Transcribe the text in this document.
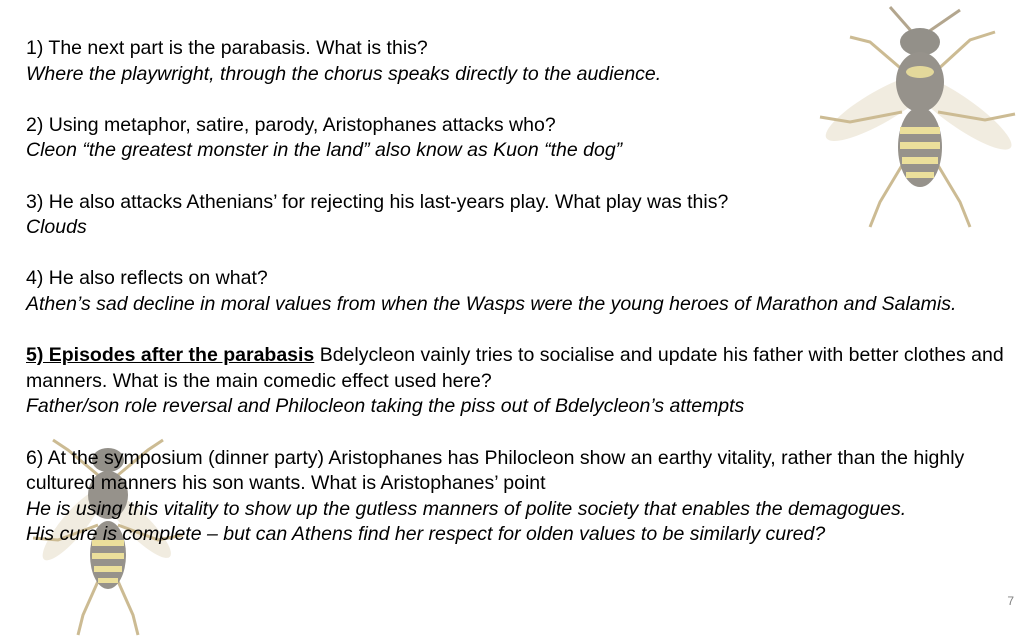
1) The next part is the parabasis. What is this?

Where the playwright, through the chorus speaks directly to the audience.

2) Using metaphor, satire, parody, Aristophanes attacks who?

Cleon “the greatest monster in the land” also know as Kuon “the dog”

3) He also attacks Athenians’ for rejecting his last-years play. What play was this?

Clouds

4) He also reflects on what?

Athen’s sad decline in moral values from when the Wasps were the young heroes of Marathon and Salamis.

5) Episodes after the parabasis Bdelycleon vainly tries to socialise and update his father with better clothes and manners. What is the main comedic effect used here?

Father/son role reversal and Philocleon taking the piss out of Bdelycleon’s attempts

6) At the symposium (dinner party) Aristophanes has Philocleon show an earthy vitality, rather than the highly cultured manners his son wants. What is Aristophanes’ point

He is using this vitality to show up the gutless manners of polite society that enables the demagogues.

His cure is complete – but can Athens find her respect for olden values to be similarly cured?

7
